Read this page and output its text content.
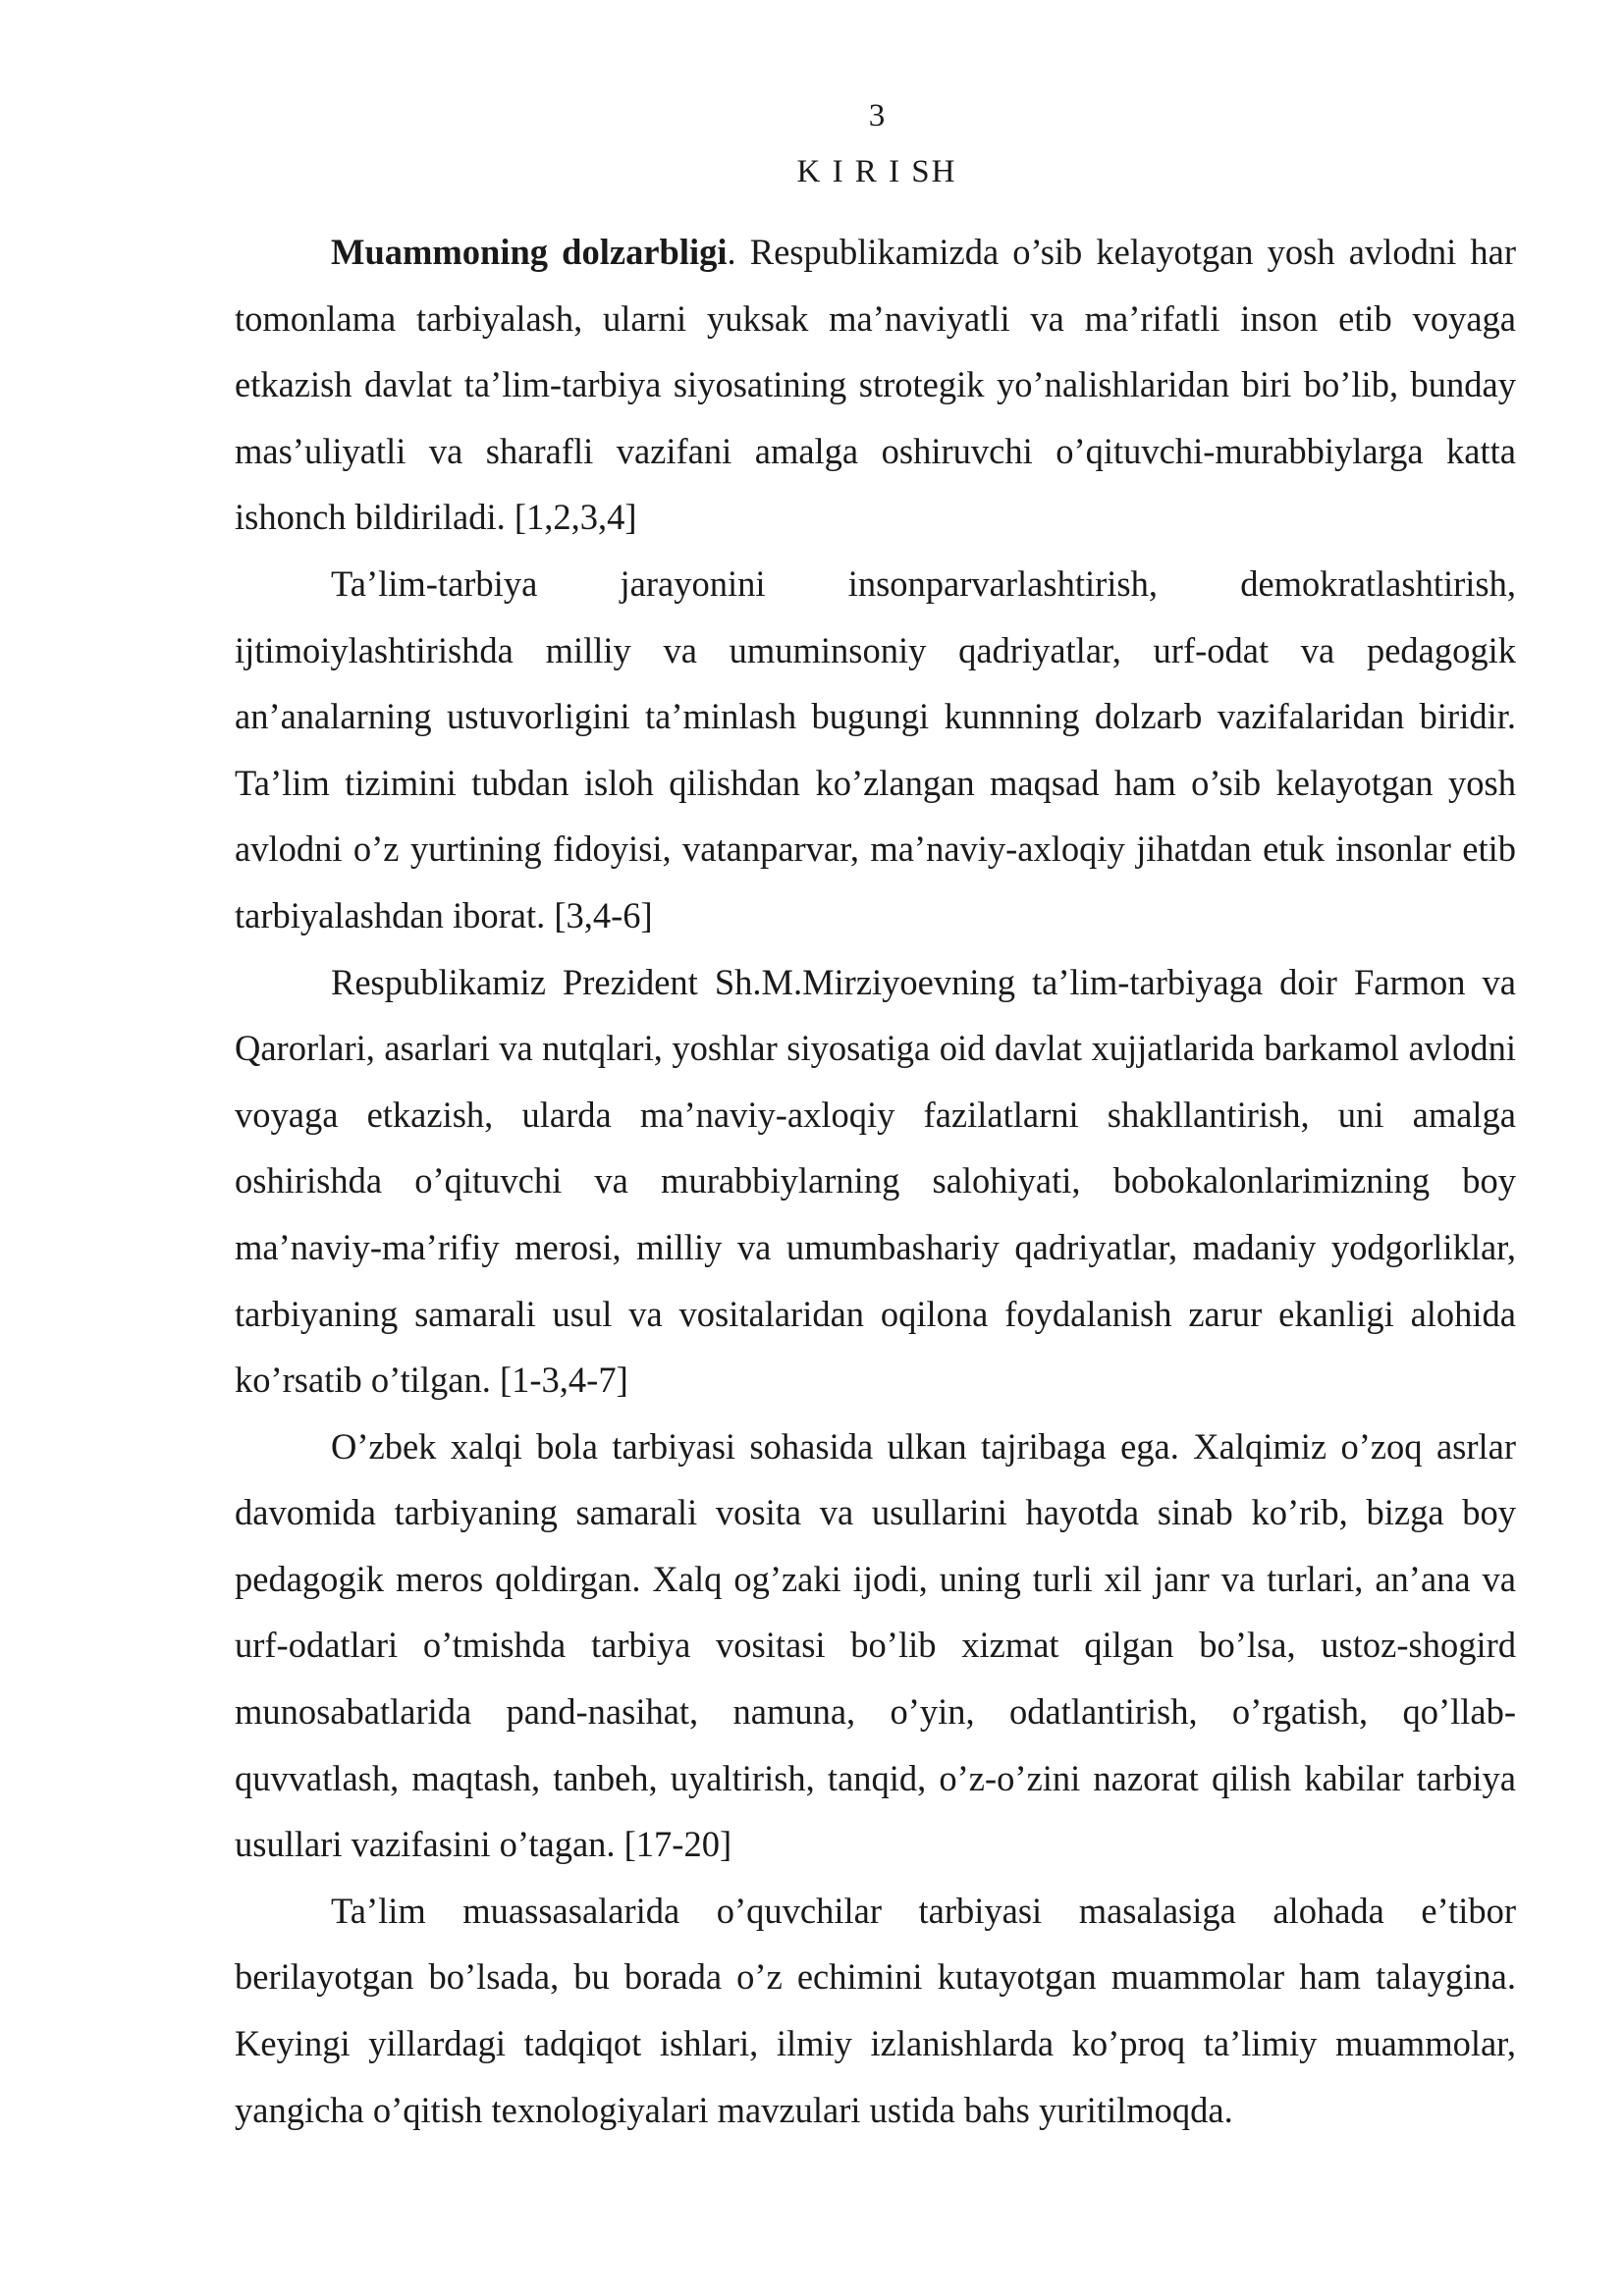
3
K I R I SH

Muammoning dolzarbligi. Respublikamizda o’sib kelayotgan yosh avlodni har tomonlama tarbiyalash, ularni yuksak ma’naviyatli va ma’rifatli inson etib voyaga etkazish davlat ta’lim-tarbiya siyosatining strotegik yo’nalishlaridan biri bo’lib, bunday mas’uliyatli va sharafli vazifani amalga oshiruvchi o’qituvchi-murabbiylarga katta ishonch bildiriladi. [1,2,3,4]

Ta’lim-tarbiya jarayonini insonparvarlashtirish, demokratlashtirish, ijtimoiylashtirishda milliy va umuminsoniy qadriyatlar, urf-odat va pedagogik an’analarning ustuvorligini ta’minlash bugungi kunnning dolzarb vazifalaridan biridir. Ta’lim tizimini tubdan isloh qilishdan ko’zlangan maqsad ham o’sib kelayotgan yosh avlodni o’z yurtining fidoyisi, vatanparvar, ma’naviy-axloqiy jihatdan etuk insonlar etib tarbiyalashdan iborat. [3,4-6]

Respublikamiz Prezident Sh.M.Mirziyoevning ta’lim-tarbiyaga doir Farmon va Qarorlari, asarlari va nutqlari, yoshlar siyosatiga oid davlat xujjatlarida barkamol avlodni voyaga etkazish, ularda ma’naviy-axloqiy fazilatlarni shakllantirish, uni amalga oshirishda o’qituvchi va murabbiylarning salohiyati, bobokalonlarimizning boy ma’naviy-ma’rifiy merosi, milliy va umumbashariy qadriyatlar, madaniy yodgorliklar, tarbiyaning samarali usul va vositalaridan oqilona foydalanish zarur ekanligi alohida ko’rsatib o’tilgan. [1-3,4-7]

O’zbek xalqi bola tarbiyasi sohasida ulkan tajribaga ega. Xalqimiz o’zoq asrlar davomida tarbiyaning samarali vosita va usullarini hayotda sinab ko’rib, bizga boy pedagogik meros qoldirgan. Xalq og’zaki ijodi, uning turli xil janr va turlari, an’ana va urf-odatlari o’tmishda tarbiya vositasi bo’lib xizmat qilgan bo’lsa, ustoz-shogird munosabatlarida pand-nasihat, namuna, o’yin, odatlantirish, o’rgatish, qo’llab-quvvatlash, maqtash, tanbeh, uyaltirish, tanqid, o’z-o’zini nazorat qilish kabilar tarbiya usullari vazifasini o’tagan. [17-20]

Ta’lim muassasalarida o’quvchilar tarbiyasi masalasiga alohada e’tibor berilayotgan bo’lsada, bu borada o’z echimini kutayotgan muammolar ham talaygina. Keyingi yillardagi tadqiqot ishlari, ilmiy izlanishlarda ko’proq ta’limiy muammolar, yangicha o’qitish texnologiyalari mavzulari ustida bahs yuritilmoqda.
